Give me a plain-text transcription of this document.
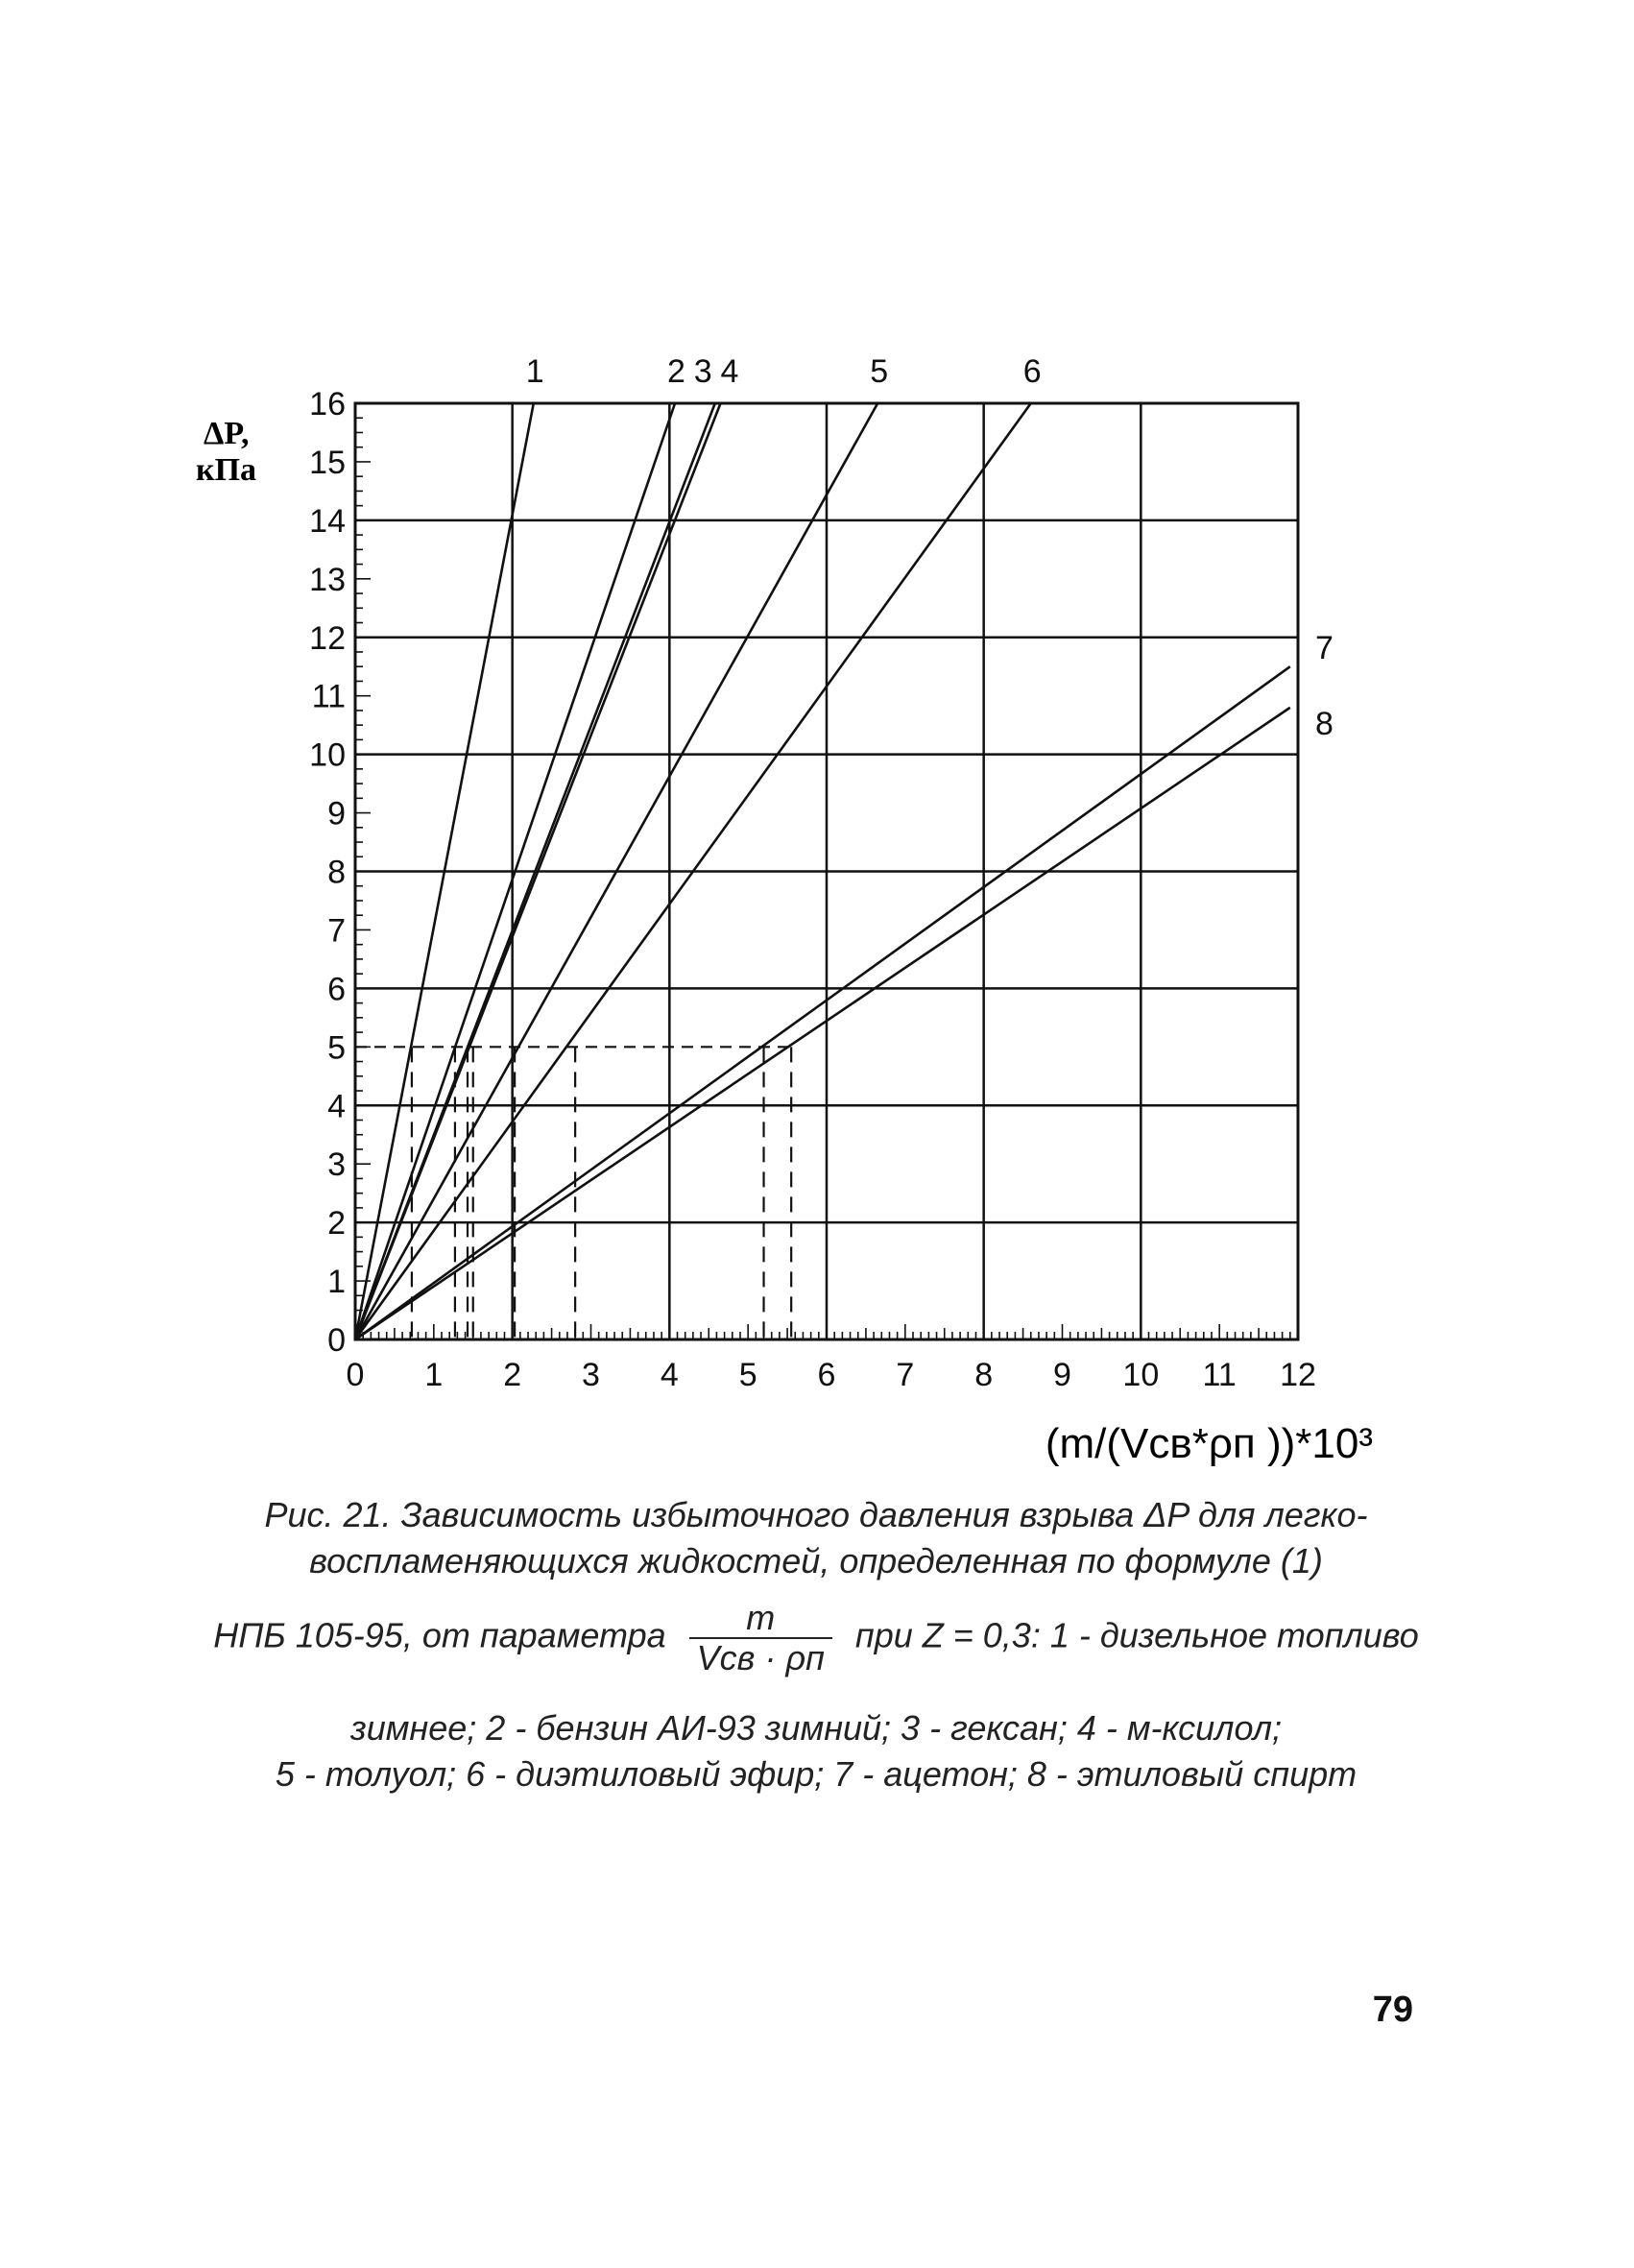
0 1 2 3 4 5 6 7 8 9 10 11 12
0
1
2
3
4
5
6
7
8
9
10
11
12
13
14
15
16
1	2 3 4	5	6
7
8
ΔP,
кПа
(m/(Vсв*ρп ))*10³
Рис. 21. Зависимость избыточного давления взрыва ΔP для легко-
воспламеняющихся жидкостей, определенная по формуле (1)
НПБ 105-95, от параметра $\frac{m}{\text{Vсв · ρп}}$ при Z = 0,3: 1 - дизельное топливо
зимнее; 2 - бензин АИ-93 зимний; 3 - гексан; 4 - м-ксилол;
5 - толуол; 6 - диэтиловый эфир; 7 - ацетон; 8 - этиловый спирт
79
